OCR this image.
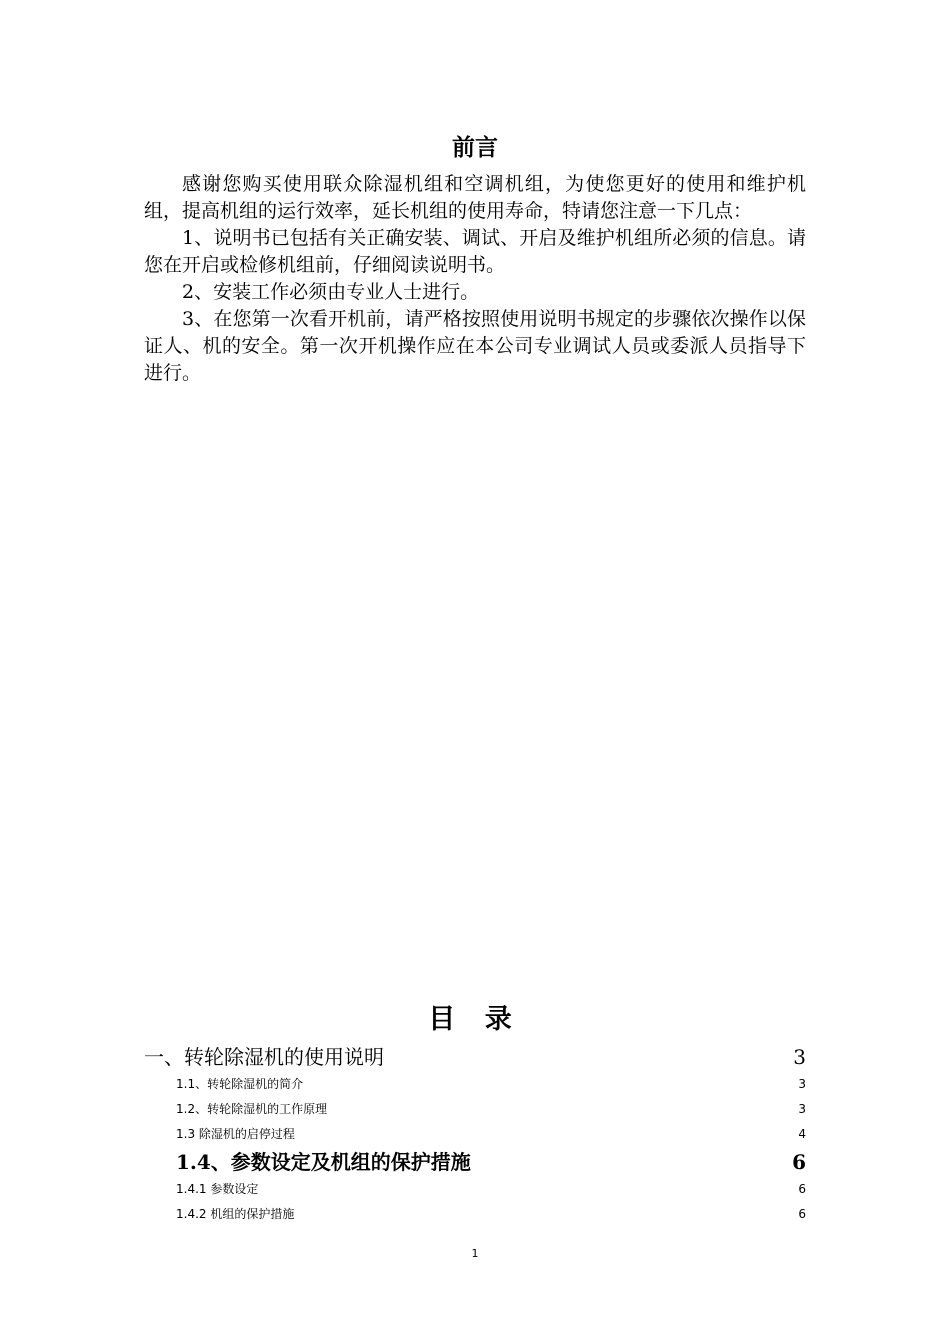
前言

感谢您购买使用联众除湿机组和空调机组，为使您更好的使用和维护机组，提高机组的运行效率，延长机组的使用寿命，特请您注意一下几点：

1、说明书已包括有关正确安装、调试、开启及维护机组所必须的信息。请您在开启或检修机组前，仔细阅读说明书。

2、安装工作必须由专业人士进行。

3、在您第一次看开机前，请严格按照使用说明书规定的步骤依次操作以保证人、机的安全。第一次开机操作应在本公司专业调试人员或委派人员指导下进行。

目 录
一、转轮除湿机的使用说明	3
1.1、转轮除湿机的简介	3
1.2、转轮除湿机的工作原理	3
1.3 除湿机的启停过程	4
1.4、参数设定及机组的保护措施	6
1.4.1 参数设定	6
1.4.2 机组的保护措施	6
1
